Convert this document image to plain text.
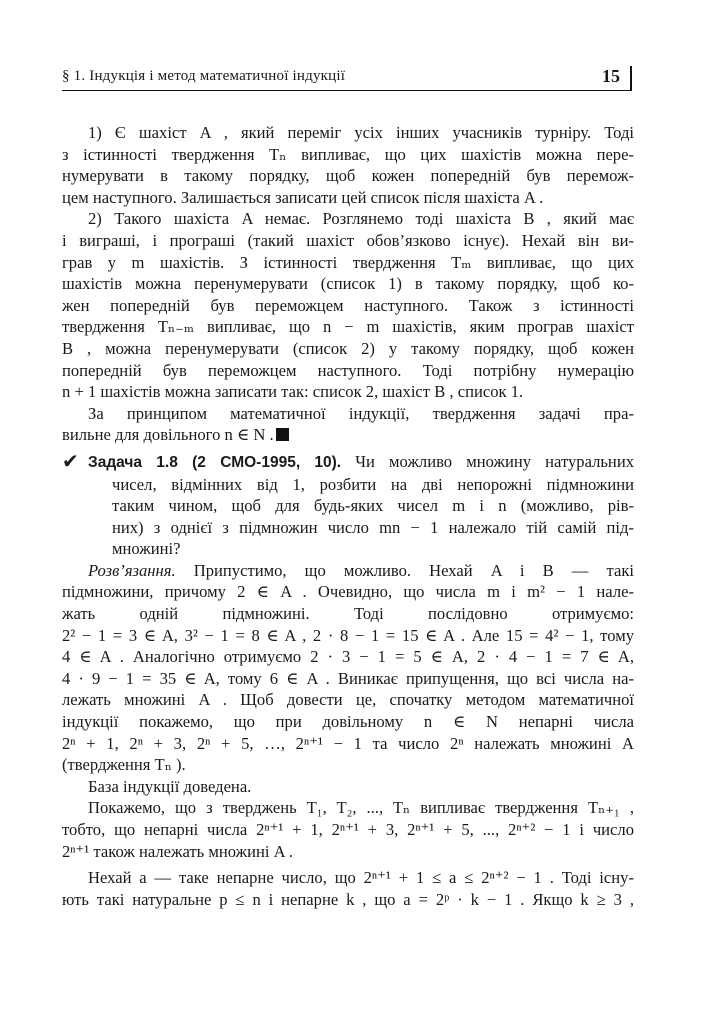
§ 1. Індукція і метод математичної індукції	15
1) Є шахіст A , який переміг усіх інших учасників турніру. Тоді
з істинності твердження Tₙ випливає, що цих шахістів можна пере-
нумерувати в такому порядку, щоб кожен попередній був перемож-
цем наступного. Залишається записати цей список після шахіста A .
2) Такого шахіста A немає. Розглянемо тоді шахіста B , який має
і виграші, і програші (такий шахіст обов’язково існує). Нехай він ви-
грав у m шахістів. З істинності твердження Tₘ випливає, що цих
шахістів можна перенумерувати (список 1) в такому порядку, щоб ко-
жен попередній був переможцем наступного. Також з істинності
твердження Tₙ₋ₘ випливає, що n − m шахістів, яким програв шахіст
B , можна перенумерувати (список 2) у такому порядку, щоб кожен
попередній був переможцем наступного. Тоді потрібну нумерацію
n + 1 шахістів можна записати так: список 2, шахіст B , список 1.
За принципом математичної індукції, твердження задачі пра-
вильне для довільного n ∈ N .
✔ Задача 1.8 (2 СМО-1995, 10). Чи можливо множину натуральних
чисел, відмінних від 1, розбити на дві непорожні підмножини
таким чином, щоб для будь-яких чисел m і n (можливо, рів-
них) з однієї з підмножин число mn − 1 належало тій самій під-
множині?
Розв’язання. Припустимо, що можливо. Нехай A і B — такі
підмножини, причому 2 ∈ A . Очевидно, що числа m і m² − 1 нале-
жать одній підмножині. Тоді послідовно отримуємо:
2² − 1 = 3 ∈ A, 3² − 1 = 8 ∈ A , 2 · 8 − 1 = 15 ∈ A . Але 15 = 4² − 1, тому
4 ∈ A . Аналогічно отримуємо 2 · 3 − 1 = 5 ∈ A, 2 · 4 − 1 = 7 ∈ A,
4 · 9 − 1 = 35 ∈ A, тому 6 ∈ A . Виникає припущення, що всі числа на-
лежать множині A . Щоб довести це, спочатку методом математичної
індукції покажемо, що при довільному n ∈ N непарні числа
2ⁿ + 1, 2ⁿ + 3, 2ⁿ + 5, …, 2ⁿ⁺¹ − 1 та число 2ⁿ належать множині A
(твердження Tₙ ).
База індукції доведена.
Покажемо, що з тверджень T₁, T₂, ..., Tₙ випливає твердження Tₙ₊₁ ,
тобто, що непарні числа 2ⁿ⁺¹ + 1, 2ⁿ⁺¹ + 3, 2ⁿ⁺¹ + 5, ..., 2ⁿ⁺² − 1 і число
2ⁿ⁺¹ також належать множині A .
Нехай a — таке непарне число, що 2ⁿ⁺¹ + 1 ≤ a ≤ 2ⁿ⁺² − 1 . Тоді існу-
ють такі натуральне p ≤ n і непарне k , що a = 2ᵖ · k − 1 . Якщо k ≥ 3 ,
